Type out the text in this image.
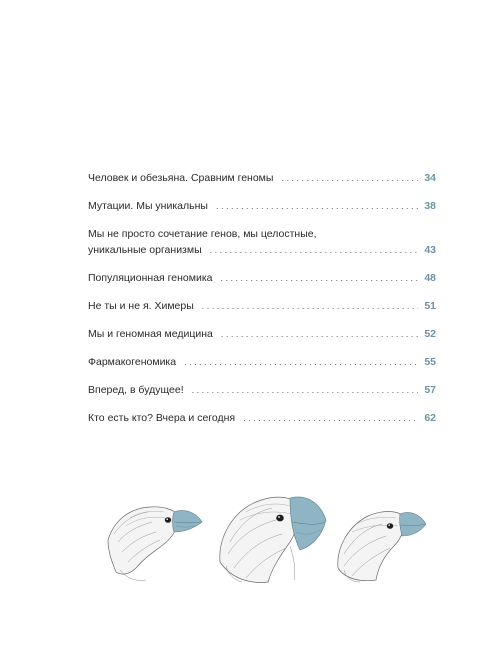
Человек и обезьяна. Сравним геномы . . .	34
Мутации. Мы уникальны . . .	38
Мы не просто сочетание генов, мы целостные,
уникальные организмы . . .	43
Популяционная геномика . . .	48
Не ты и не я. Химеры . . .	51
Мы и геномная медицина . . .	52
Фармакогеномика . . .	55
Вперед, в будущее! . . .	57
Кто есть кто? Вчера и сегодня . . .	62
